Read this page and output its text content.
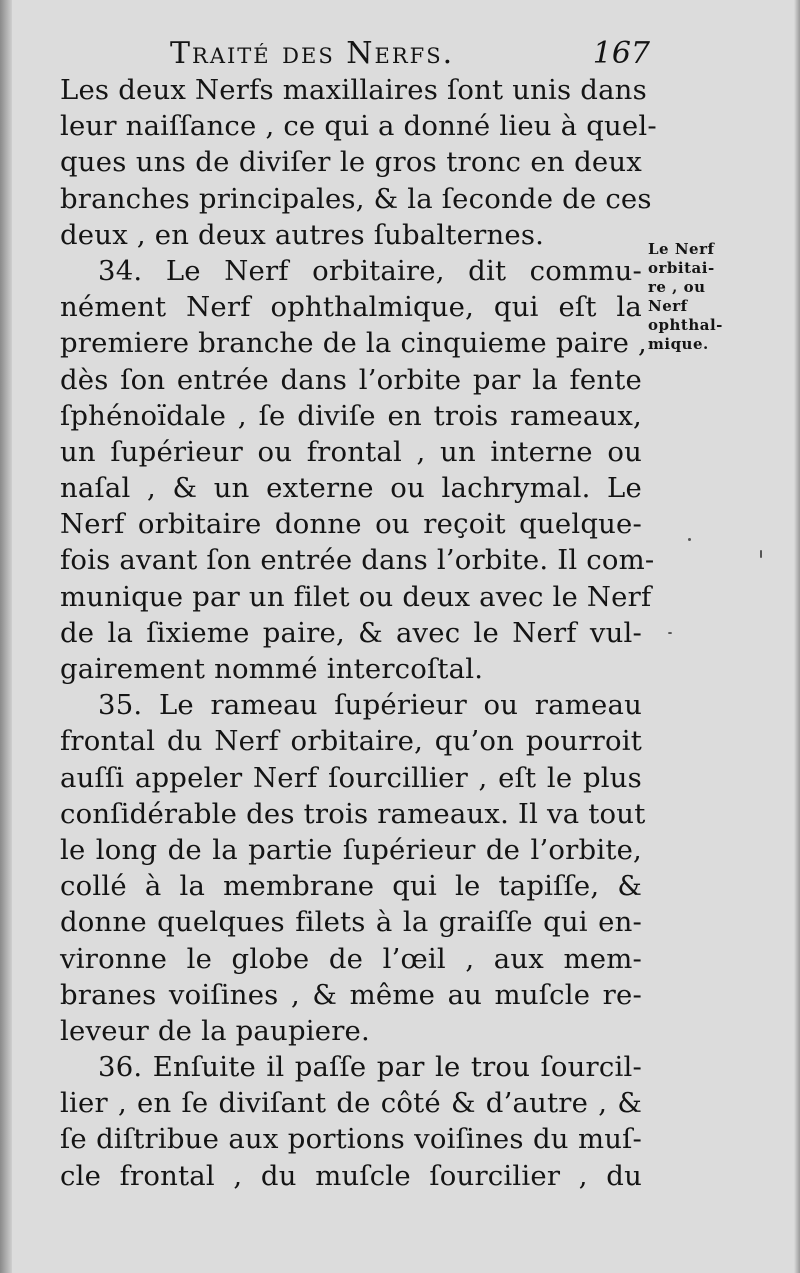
Traité des Nerfs.	167
Les deux Nerfs maxillaires ſont unis dans
leur naiſſance , ce qui a donné lieu à quel-
ques uns de diviſer le gros tronc en deux
branches principales, & la ſeconde de ces
deux , en deux autres ſubalternes.
34. Le Nerf orbitaire, dit commu-
nément Nerf ophthalmique, qui eſt la
premiere branche de la cinquieme paire ,
dès ſon entrée dans l’orbite par la fente
ſphénoïdale , ſe diviſe en trois rameaux,
un ſupérieur ou frontal , un interne ou
naſal , & un externe ou lachrymal. Le
Nerf orbitaire donne ou reçoit quelque-
fois avant ſon entrée dans l’orbite. Il com-
munique par un filet ou deux avec le Nerf
de la ſixieme paire, & avec le Nerf vul-
gairement nommé intercoſtal.
35. Le rameau ſupérieur ou rameau
frontal du Nerf orbitaire, qu’on pourroit
auſſi appeler Nerf ſourcillier , eſt le plus
conſidérable des trois rameaux. Il va tout
le long de la partie ſupérieur de l’orbite,
collé à la membrane qui le tapiſſe, &
donne quelques filets à la graiſſe qui en-
vironne le globe de l’œil , aux mem-
branes voiſines , & même au muſcle re-
leveur de la paupiere.
36. Enſuite il paſſe par le trou ſourcil-
lier , en ſe diviſant de côté & d’autre , &
ſe diſtribue aux portions voiſines du muſ-
cle frontal , du muſcle ſourcilier , du
Le Nerf
orbitai-
re , ou
Nerf
ophthal-
mique.
